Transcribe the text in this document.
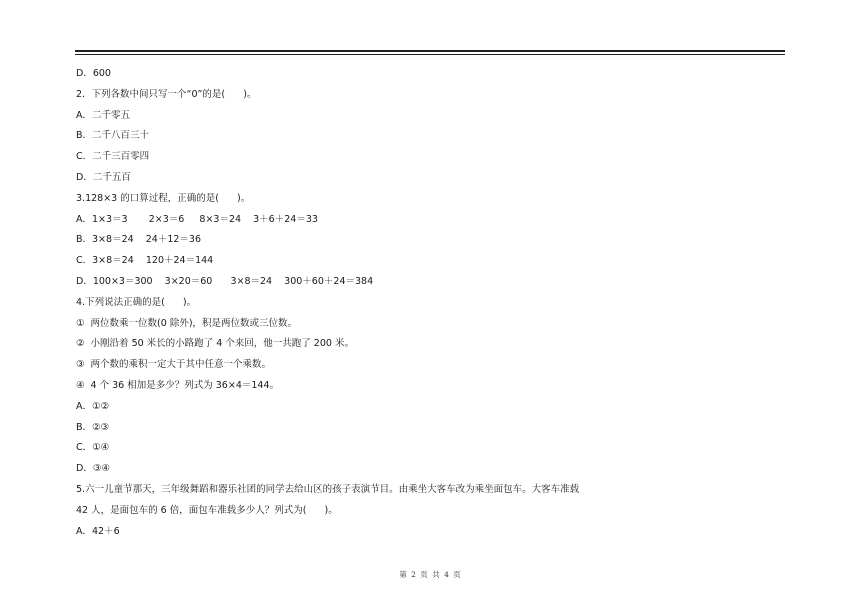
D．600
2．下列各数中间只写一个“0”的是(      )。
A．二千零五
B．二千八百三十
C．二千三百零四
D．二千五百
3.128×3 的口算过程，正确的是(      )。
A．1×3＝3       2×3＝6     8×3＝24    3＋6＋24＝33
B．3×8＝24    24＋12＝36
C．3×8＝24    120＋24＝144
D．100×3＝300    3×20＝60      3×8＝24    300＋60＋24＝384
4.下列说法正确的是(      )。
①  两位数乘一位数(0 除外)，积是两位数或三位数。
②  小刚沿着 50 米长的小路跑了 4 个来回，他一共跑了 200 米。
③  两个数的乘积一定大于其中任意一个乘数。
④  4 个 36 相加是多少？列式为 36×4＝144。
A．①②
B．②③
C．①④
D．③④
5.六一儿童节那天，三年级舞蹈和器乐社团的同学去给山区的孩子表演节目。由乘坐大客车改为乘坐面包车。大客车准载
42 人，是面包车的 6 倍，面包车准载多少人？列式为(      )。
A．42＋6
第 2 页 共 4 页
